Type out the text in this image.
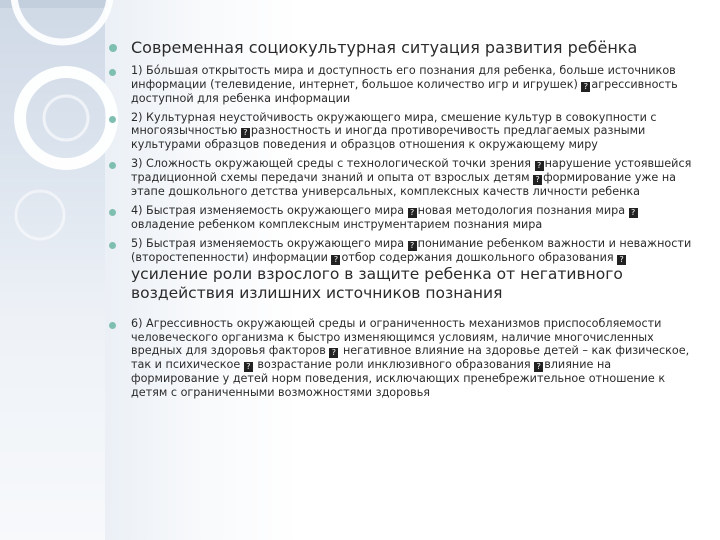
Современная социокультурная ситуация развития ребёнка
1) Бóльшая открытость мира и доступность его познания для ребенка, больше источников информации (телевидение, интернет, большое количество игр и игрушек) ? агрессивность доступной для ребенка информации
2) Культурная неустойчивость окружающего мира, смешение культур в совокупности с многоязычностью ? разностность и иногда противоречивость предлагаемых разными культурами образцов поведения и образцов отношения к окружающему миру
3) Сложность окружающей среды с технологической точки зрения ? нарушение устоявшейся традиционной схемы передачи знаний и опыта от взрослых детям ? формирование уже на этапе дошкольного детства универсальных, комплексных качеств личности ребенка
4) Быстрая изменяемость окружающего мира ? новая методология познания мира ?овладение ребенком комплексным инструментарием познания мира
5) Быстрая изменяемость окружающего мира ? понимание ребенком важности и неважности (второстепенности) информации ? отбор содержания дошкольного образования ?усиление роли взрослого в защите ребенка от негативного воздействия излишних источников познания
6) Агрессивность окружающей среды и ограниченность механизмов приспособляемости человеческого организма к быстро изменяющимся условиям, наличие многочисленных вредных для здоровья факторов ? негативное влияние на здоровье детей – как физическое, так и психическое ? возрастание роли инклюзивного образования ? влияние на формирование у детей норм поведения, исключающих пренебрежительное отношение к детям с ограниченными возможностями здоровья
